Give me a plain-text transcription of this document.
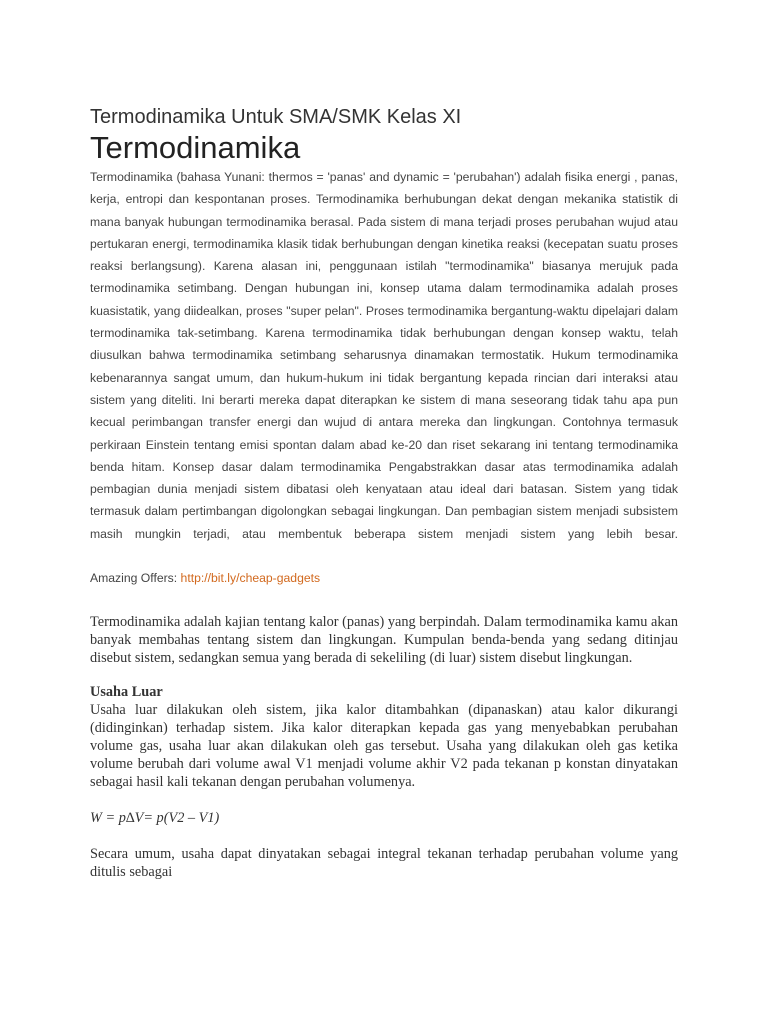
Termodinamika Untuk SMA/SMK Kelas XI
Termodinamika

Termodinamika (bahasa Yunani: thermos = 'panas' and dynamic = 'perubahan') adalah fisika energi , panas, kerja, entropi dan kespontanan proses. Termodinamika berhubungan dekat dengan mekanika statistik di mana banyak hubungan termodinamika berasal. Pada sistem di mana terjadi proses perubahan wujud atau pertukaran energi, termodinamika klasik tidak berhubungan dengan kinetika reaksi (kecepatan suatu proses reaksi berlangsung). Karena alasan ini, penggunaan istilah "termodinamika" biasanya merujuk pada termodinamika setimbang. Dengan hubungan ini, konsep utama dalam termodinamika adalah proses kuasistatik, yang diidealkan, proses "super pelan". Proses termodinamika bergantung-waktu dipelajari dalam termodinamika tak-setimbang. Karena termodinamika tidak berhubungan dengan konsep waktu, telah diusulkan bahwa termodinamika setimbang seharusnya dinamakan termostatik. Hukum termodinamika kebenarannya sangat umum, dan hukum-hukum ini tidak bergantung kepada rincian dari interaksi atau sistem yang diteliti. Ini berarti mereka dapat diterapkan ke sistem di mana seseorang tidak tahu apa pun kecual perimbangan transfer energi dan wujud di antara mereka dan lingkungan. Contohnya termasuk perkiraan Einstein tentang emisi spontan dalam abad ke-20 dan riset sekarang ini tentang termodinamika benda hitam. Konsep dasar dalam termodinamika Pengabstrakkan dasar atas termodinamika adalah pembagian dunia menjadi sistem dibatasi oleh kenyataan atau ideal dari batasan. Sistem yang tidak termasuk dalam pertimbangan digolongkan sebagai lingkungan. Dan pembagian sistem menjadi subsistem masih mungkin terjadi, atau membentuk beberapa sistem menjadi sistem yang lebih besar.

Amazing Offers: http://bit.ly/cheap-gadgets

Termodinamika adalah kajian tentang kalor (panas) yang berpindah. Dalam termodinamika kamu akan banyak membahas tentang sistem dan lingkungan. Kumpulan benda-benda yang sedang ditinjau disebut sistem, sedangkan semua yang berada di sekeliling (di luar) sistem disebut lingkungan.

Usaha Luar

Usaha luar dilakukan oleh sistem, jika kalor ditambahkan (dipanaskan) atau kalor dikurangi (didinginkan) terhadap sistem. Jika kalor diterapkan kepada gas yang menyebabkan perubahan volume gas, usaha luar akan dilakukan oleh gas tersebut. Usaha yang dilakukan oleh gas ketika volume berubah dari volume awal V1 menjadi volume akhir V2 pada tekanan p konstan dinyatakan sebagai hasil kali tekanan dengan perubahan volumenya.

W = p∆V= p(V2 – V1)

Secara umum, usaha dapat dinyatakan sebagai integral tekanan terhadap perubahan volume yang ditulis sebagai
